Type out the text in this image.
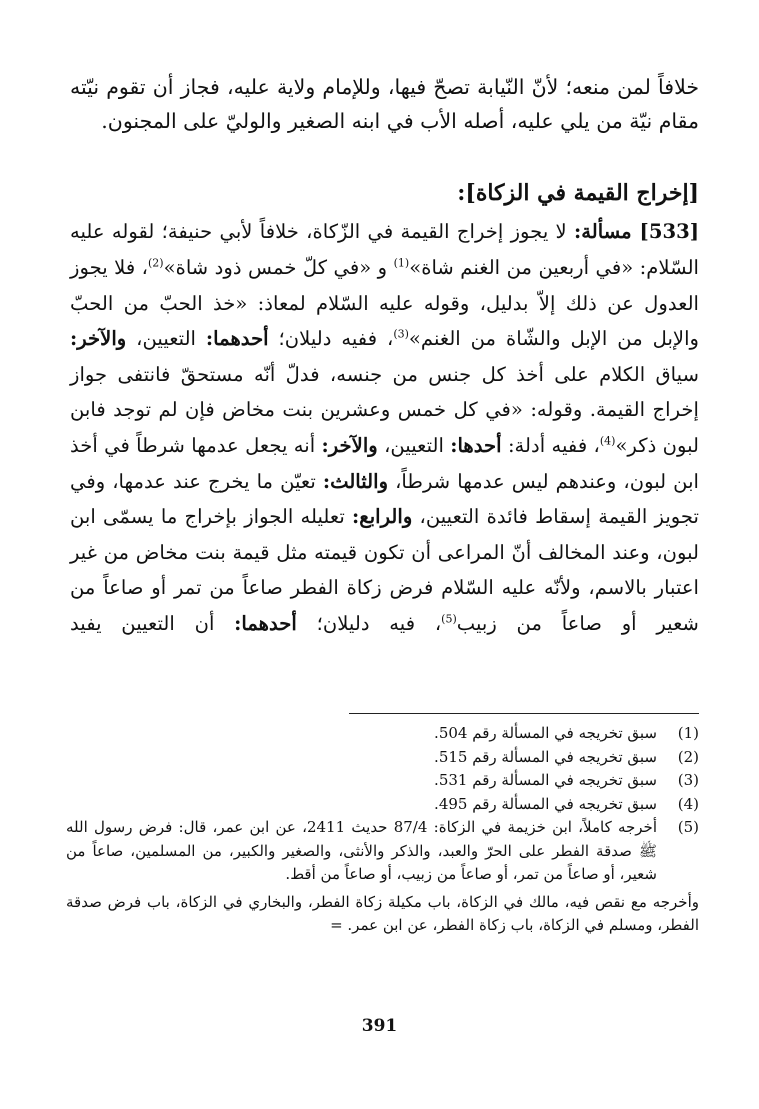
خلافاً لمن منعه؛ لأنّ النّيابة تصحّ فيها، وللإمام ولاية عليه، فجاز أن تقوم نيّته مقام نيّة من يلي عليه، أصله الأب في ابنه الصغير والوليّ على المجنون.

[إخراج القيمة في الزكاة]:

[533] مسألة: لا يجوز إخراج القيمة في الزّكاة، خلافاً لأبي حنيفة؛ لقوله عليه السّلام: «في أربعين من الغنم شاة»$^{(1)}$ و «في كلّ خمس ذود شاة»$^{(2)}$، فلا يجوز العدول عن ذلك إلاّ بدليل، وقوله عليه السّلام لمعاذ: «خذ الحبّ من الحبّ والإبل من الإبل والشّاة من الغنم»$^{(3)}$، ففيه دليلان؛ أحدهما: التعيين، والآخر: سياق الكلام على أخذ كل جنس من جنسه، فدلّ أنّه مستحقّ فانتفى جواز إخراج القيمة. وقوله: «في كل خمس وعشرين بنت مخاض فإن لم توجد فابن لبون ذكر»$^{(4)}$، ففيه أدلة: أحدها: التعيين، والآخر: أنه يجعل عدمها شرطاً في أخذ ابن لبون، وعندهم ليس عدمها شرطاً، والثالث: تعيّن ما يخرج عند عدمها، وفي تجويز القيمة إسقاط فائدة التعيين، والرابع: تعليله الجواز بإخراج ما يسمّى ابن لبون، وعند المخالف أنّ المراعى أن تكون قيمته مثل قيمة بنت مخاض من غير اعتبار بالاسم، ولأنّه عليه السّلام فرض زكاة الفطر صاعاً من تمر أو صاعاً من شعير أو صاعاً من زبيب$^{(5)}$، فيه دليلان؛ أحدهما: أن التعيين يفيد

(1)
سبق تخريجه في المسألة رقم 504.

(2)
سبق تخريجه في المسألة رقم 515.

(3)
سبق تخريجه في المسألة رقم 531.

(4)
سبق تخريجه في المسألة رقم 495.

(5)
أخرجه كاملاً، ابن خزيمة في الزكاة: 87/4 حديث 2411، عن ابن عمر، قال: فرض رسول الله ﷺ صدقة الفطر على الحرّ والعبد، والذكر والأنثى، والصغير والكبير، من المسلمين، صاعاً من شعير، أو صاعاً من تمر، أو صاعاً من زبيب، أو صاعاً من أقط.

وأخرجه مع نقص فيه، مالك في الزكاة، باب مكيلة زكاة الفطر، والبخاري في الزكاة، باب فرض صدقة الفطر، ومسلم في الزكاة، باب زكاة الفطر، عن ابن عمر. =

391
